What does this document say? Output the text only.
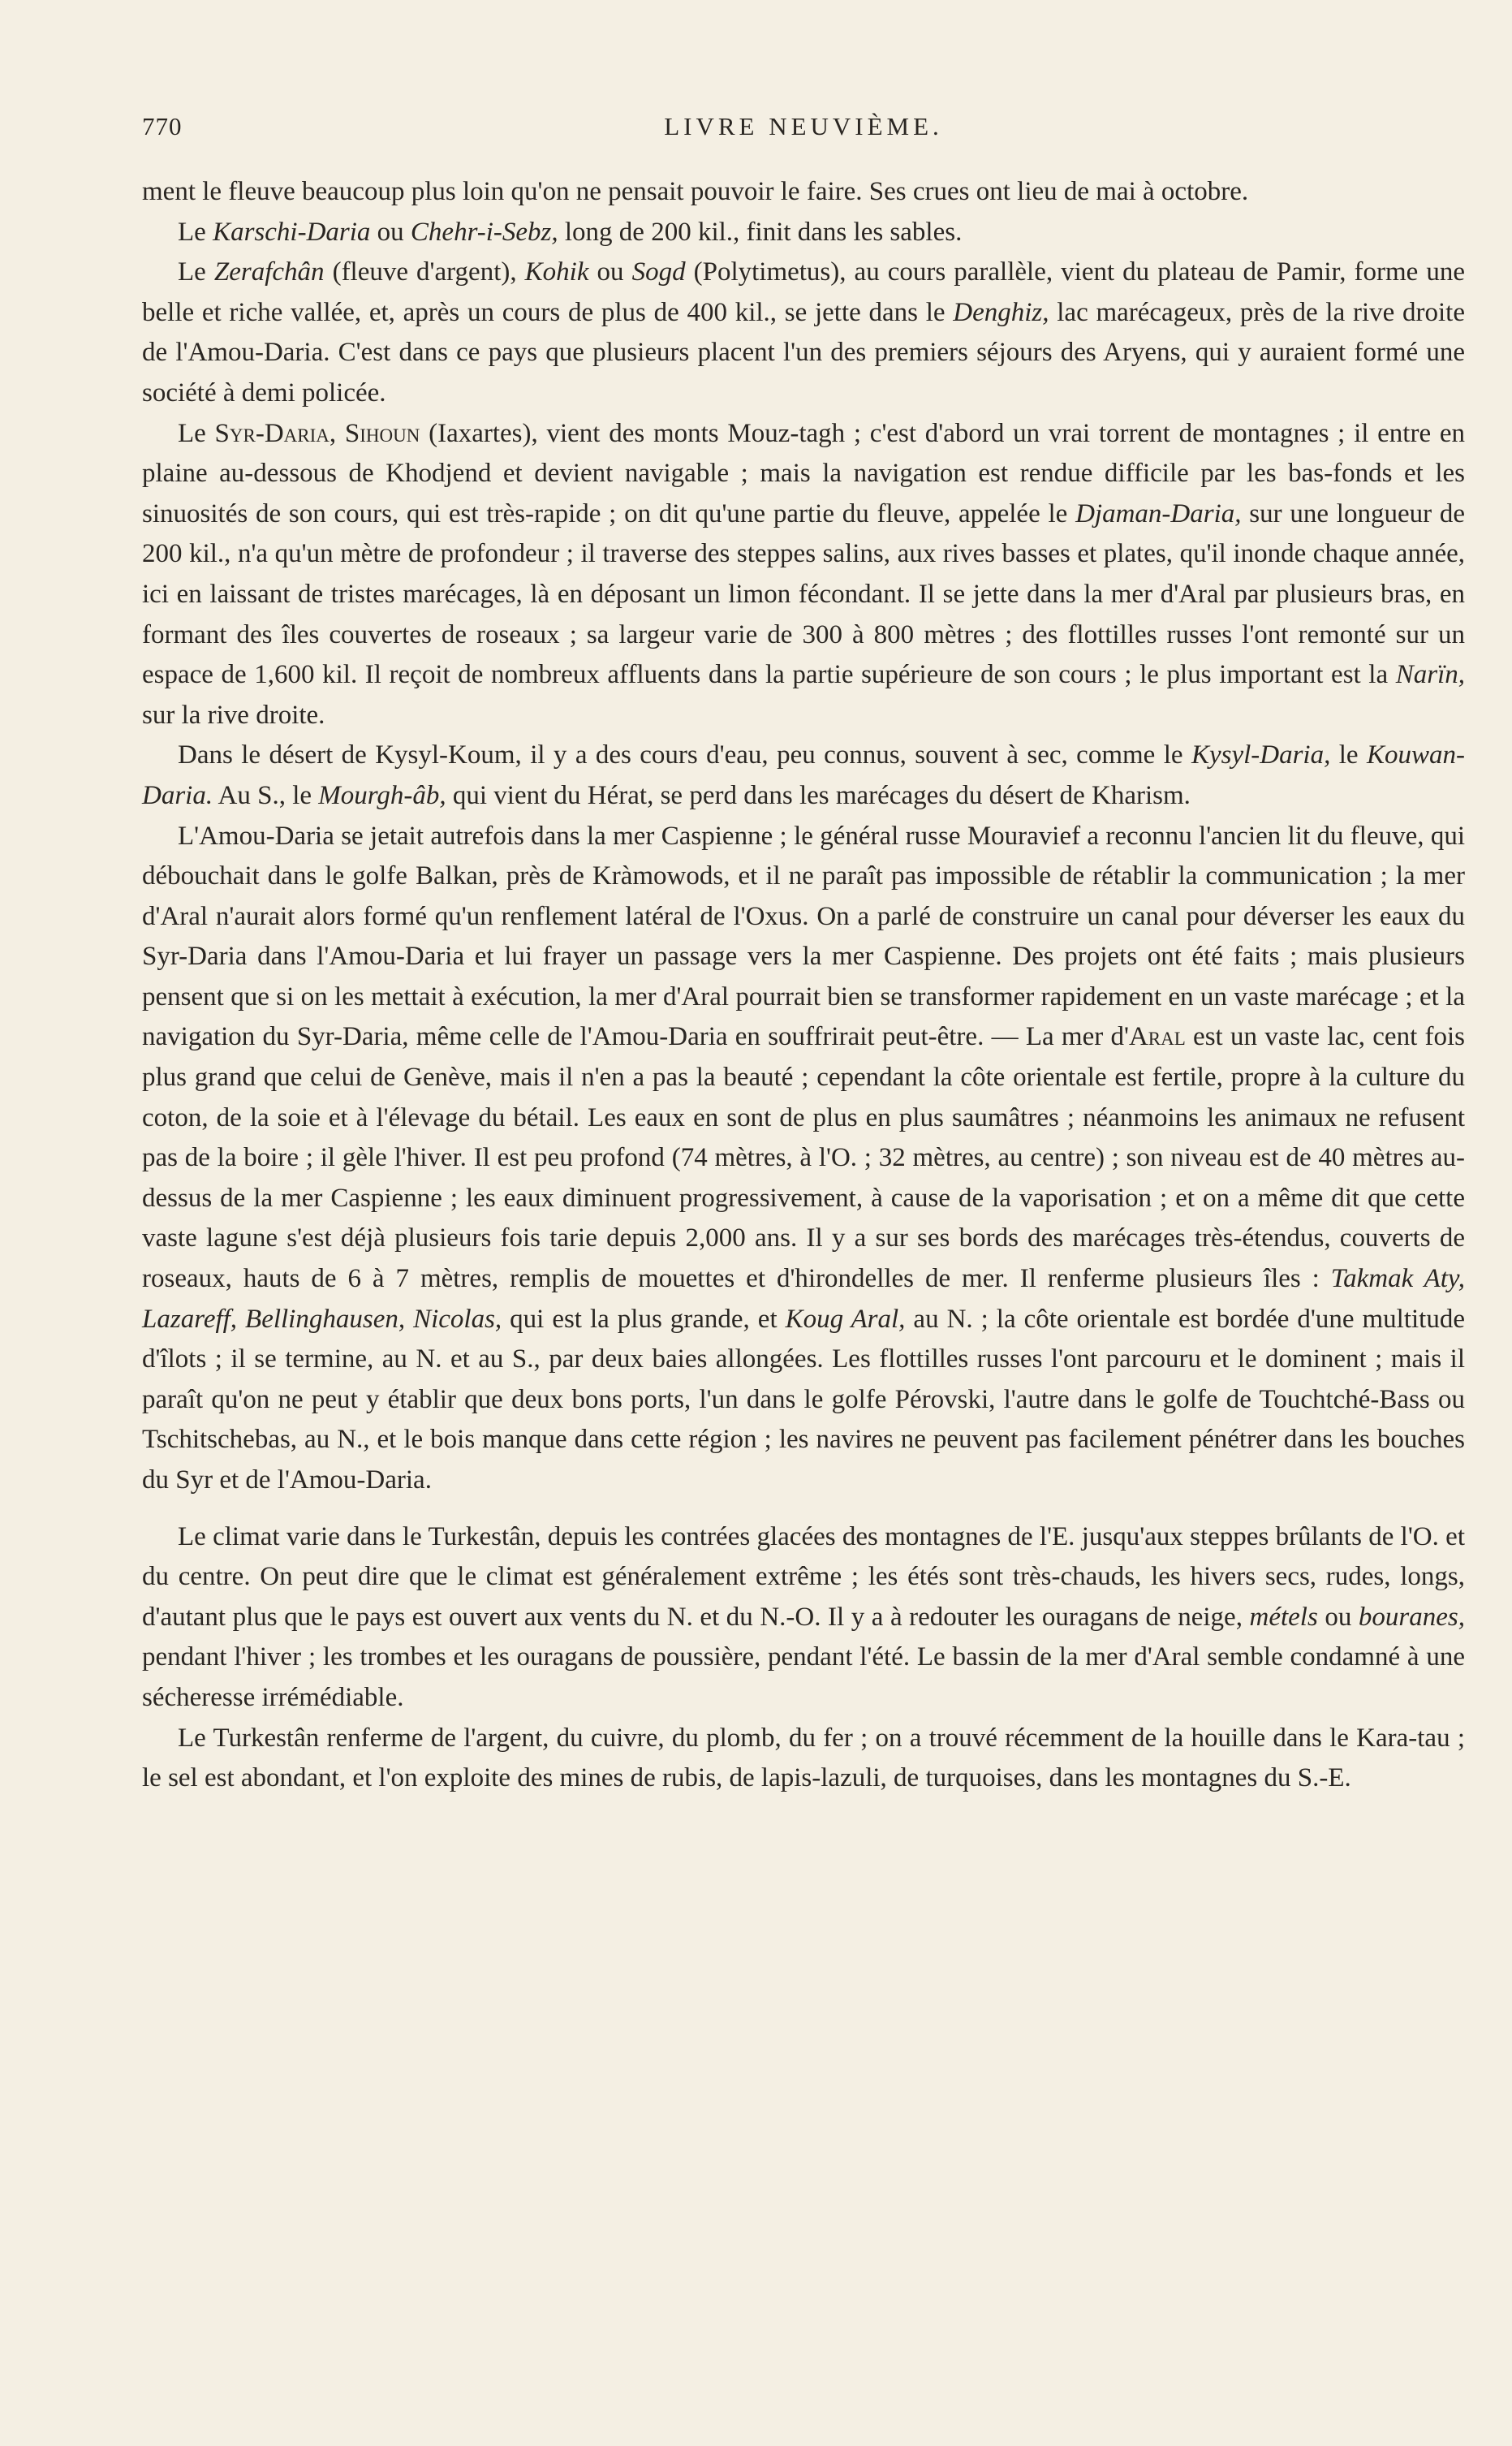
770	LIVRE NEUVIÈME.

ment le fleuve beaucoup plus loin qu'on ne pensait pouvoir le faire. Ses crues ont lieu de mai à octobre.

Le Karschi-Daria ou Chehr-i-Sebz, long de 200 kil., finit dans les sables.

Le Zerafchân (fleuve d'argent), Kohik ou Sogd (Polytimetus), au cours parallèle, vient du plateau de Pamir, forme une belle et riche vallée, et, après un cours de plus de 400 kil., se jette dans le Denghiz, lac marécageux, près de la rive droite de l'Amou-Daria. C'est dans ce pays que plusieurs placent l'un des premiers séjours des Aryens, qui y auraient formé une société à demi policée.

Le Syr-Daria, Sihoun (Iaxartes), vient des monts Mouz-tagh ; c'est d'abord un vrai torrent de montagnes ; il entre en plaine au-dessous de Khodjend et devient navigable ; mais la navigation est rendue difficile par les bas-fonds et les sinuosités de son cours, qui est très-rapide ; on dit qu'une partie du fleuve, appelée le Djaman-Daria, sur une longueur de 200 kil., n'a qu'un mètre de profondeur ; il traverse des steppes salins, aux rives basses et plates, qu'il inonde chaque année, ici en laissant de tristes marécages, là en déposant un limon fécondant. Il se jette dans la mer d'Aral par plusieurs bras, en formant des îles couvertes de roseaux ; sa largeur varie de 300 à 800 mètres ; des flottilles russes l'ont remonté sur un espace de 1,600 kil. Il reçoit de nombreux affluents dans la partie supérieure de son cours ; le plus important est la Narïn, sur la rive droite.

Dans le désert de Kysyl-Koum, il y a des cours d'eau, peu connus, souvent à sec, comme le Kysyl-Daria, le Kouwan-Daria. Au S., le Mourgh-âb, qui vient du Hérat, se perd dans les marécages du désert de Kharism.

L'Amou-Daria se jetait autrefois dans la mer Caspienne ; le général russe Mouravief a reconnu l'ancien lit du fleuve, qui débouchait dans le golfe Balkan, près de Kràmowods, et il ne paraît pas impossible de rétablir la communication ; la mer d'Aral n'aurait alors formé qu'un renflement latéral de l'Oxus. On a parlé de construire un canal pour déverser les eaux du Syr-Daria dans l'Amou-Daria et lui frayer un passage vers la mer Caspienne. Des projets ont été faits ; mais plusieurs pensent que si on les mettait à exécution, la mer d'Aral pourrait bien se transformer rapidement en un vaste marécage ; et la navigation du Syr-Daria, même celle de l'Amou-Daria en souffrirait peut-être. — La mer d'Aral est un vaste lac, cent fois plus grand que celui de Genève, mais il n'en a pas la beauté ; cependant la côte orientale est fertile, propre à la culture du coton, de la soie et à l'élevage du bétail. Les eaux en sont de plus en plus saumâtres ; néanmoins les animaux ne refusent pas de la boire ; il gèle l'hiver. Il est peu profond (74 mètres, à l'O. ; 32 mètres, au centre) ; son niveau est de 40 mètres au-dessus de la mer Caspienne ; les eaux diminuent progressivement, à cause de la vaporisation ; et on a même dit que cette vaste lagune s'est déjà plusieurs fois tarie depuis 2,000 ans. Il y a sur ses bords des marécages très-étendus, couverts de roseaux, hauts de 6 à 7 mètres, remplis de mouettes et d'hirondelles de mer. Il renferme plusieurs îles : Takmak Aty, Lazareff, Bellinghausen, Nicolas, qui est la plus grande, et Koug Aral, au N. ; la côte orientale est bordée d'une multitude d'îlots ; il se termine, au N. et au S., par deux baies allongées. Les flottilles russes l'ont parcouru et le dominent ; mais il paraît qu'on ne peut y établir que deux bons ports, l'un dans le golfe Pérovski, l'autre dans le golfe de Touchtché-Bass ou Tschitschebas, au N., et le bois manque dans cette région ; les navires ne peuvent pas facilement pénétrer dans les bouches du Syr et de l'Amou-Daria.

Le climat varie dans le Turkestân, depuis les contrées glacées des montagnes de l'E. jusqu'aux steppes brûlants de l'O. et du centre. On peut dire que le climat est généralement extrême ; les étés sont très-chauds, les hivers secs, rudes, longs, d'autant plus que le pays est ouvert aux vents du N. et du N.-O. Il y a à redouter les ouragans de neige, métels ou bouranes, pendant l'hiver ; les trombes et les ouragans de poussière, pendant l'été. Le bassin de la mer d'Aral semble condamné à une sécheresse irrémédiable.

Le Turkestân renferme de l'argent, du cuivre, du plomb, du fer ; on a trouvé récemment de la houille dans le Kara-tau ; le sel est abondant, et l'on exploite des mines de rubis, de lapis-lazuli, de turquoises, dans les montagnes du S.-E.
